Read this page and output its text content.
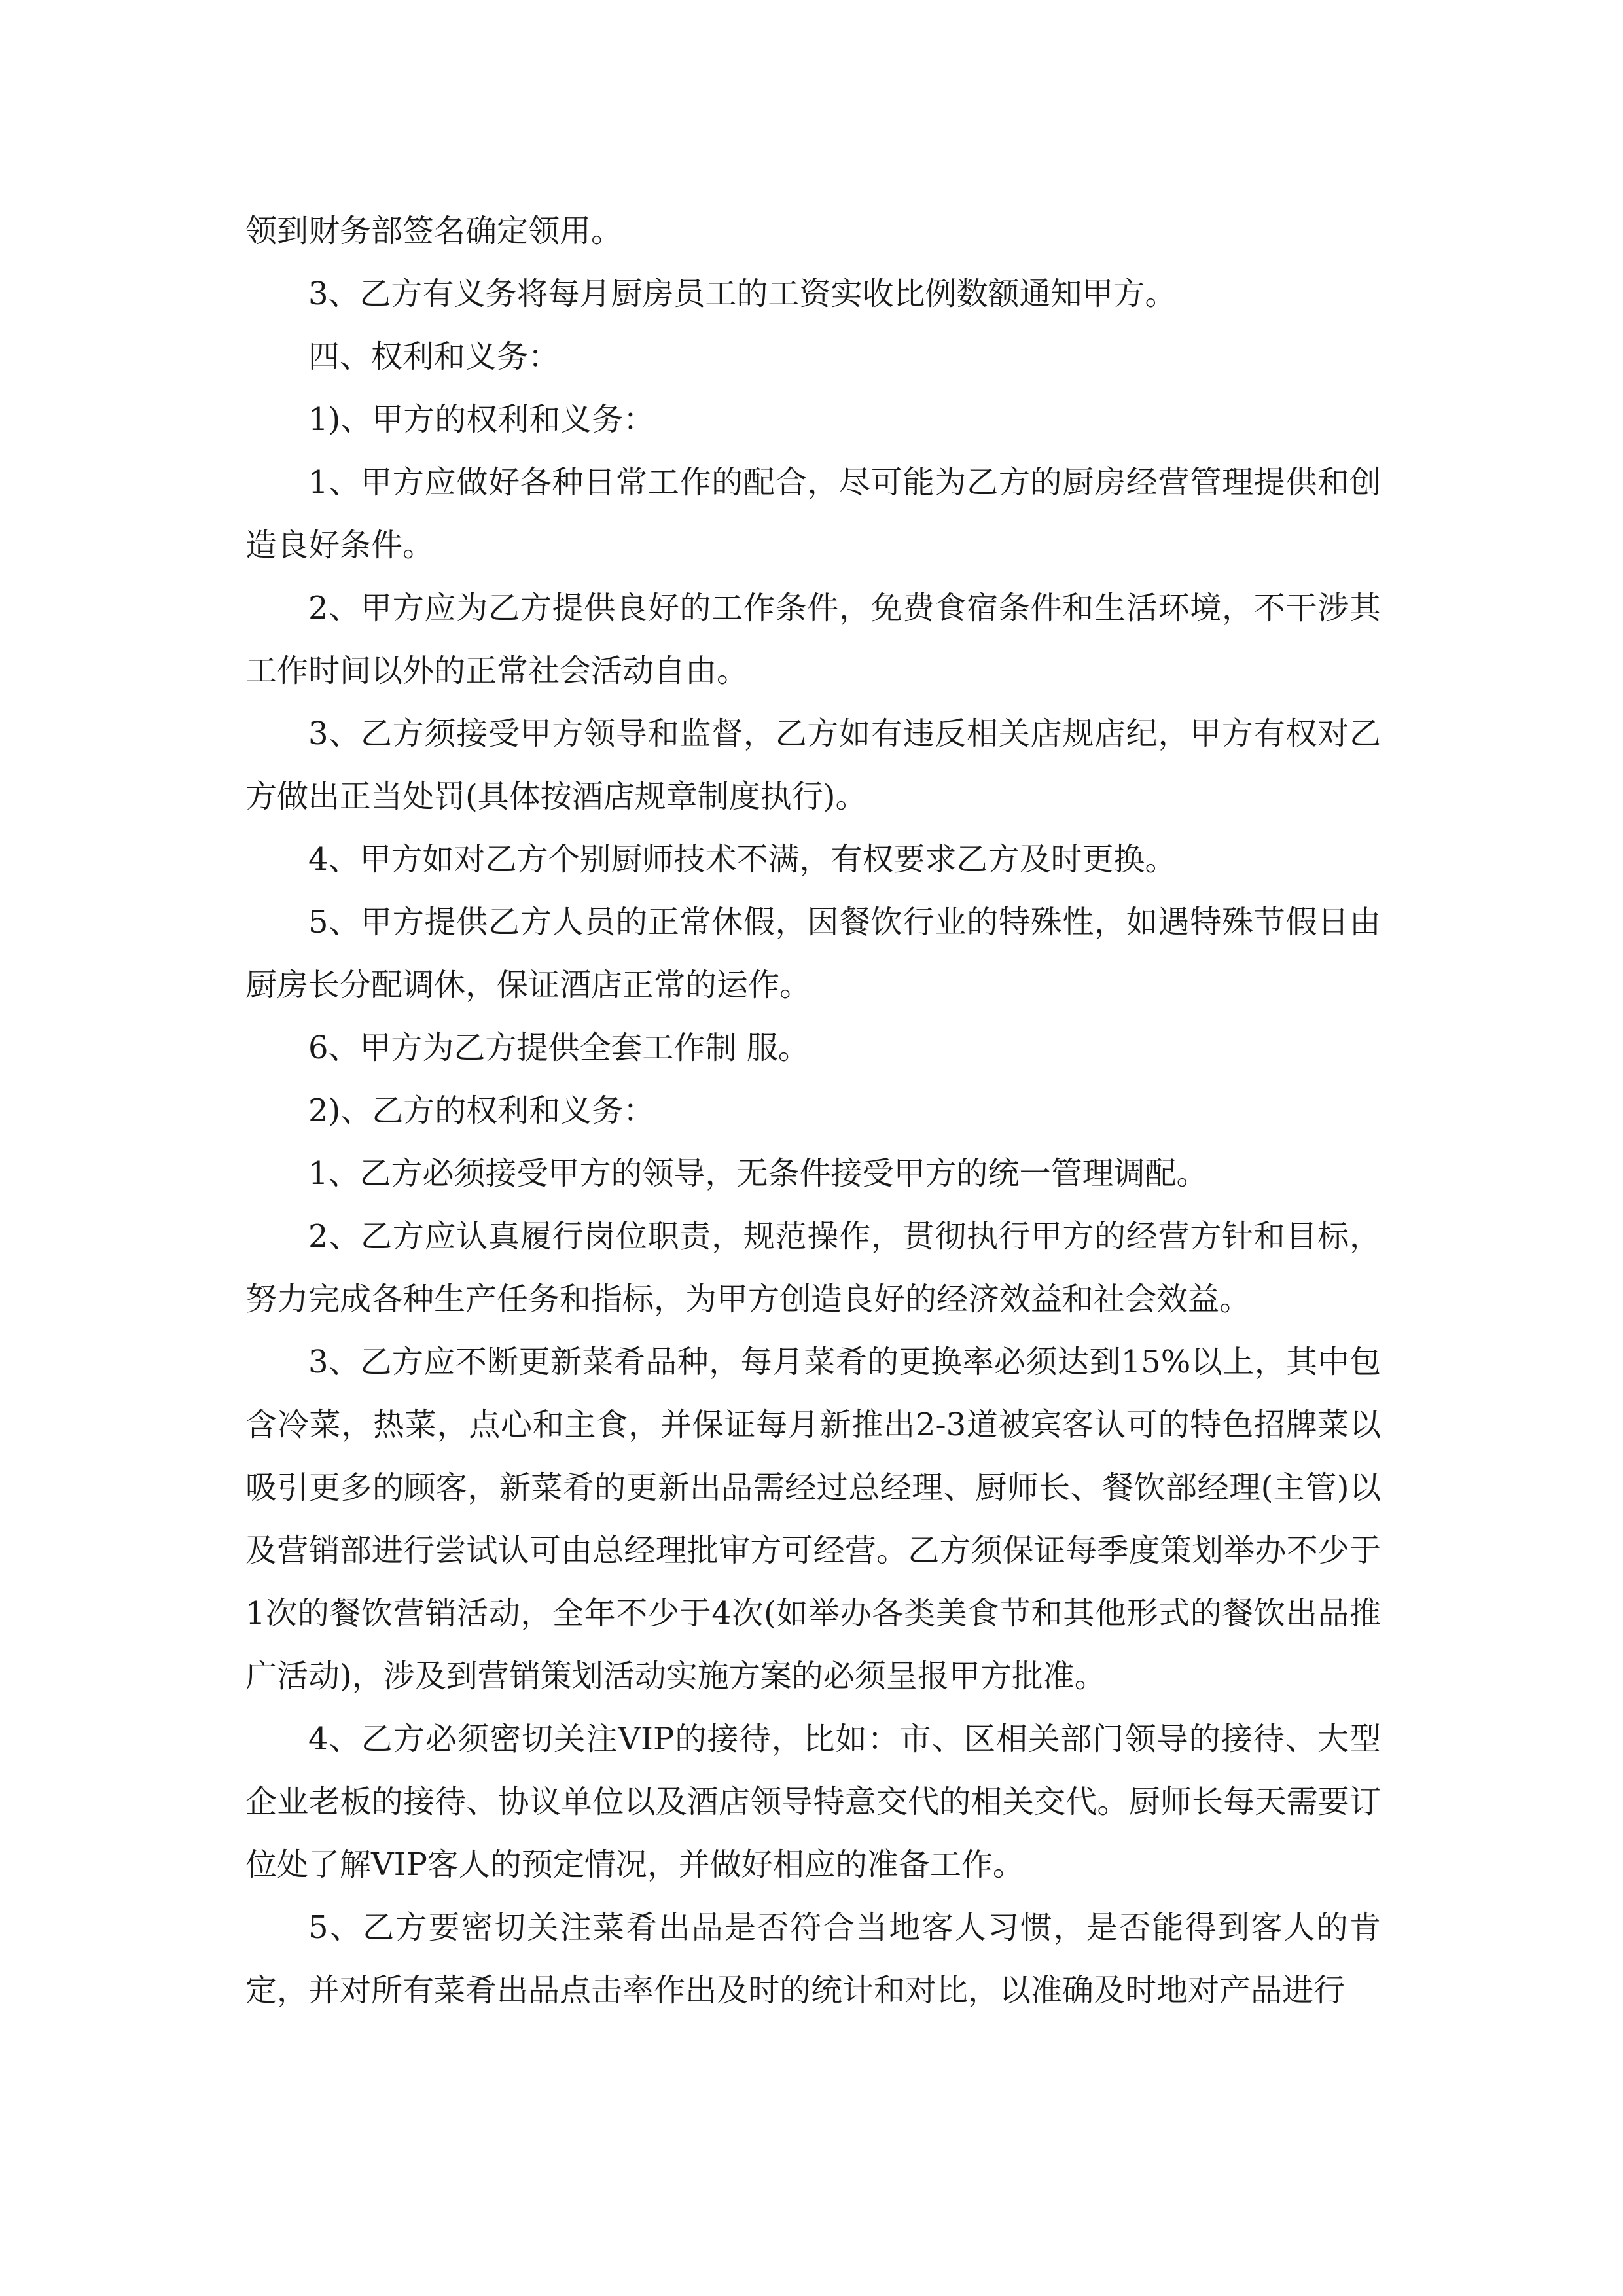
领到财务部签名确定领用。

3、乙方有义务将每月厨房员工的工资实收比例数额通知甲方。

四、权利和义务：

1)、甲方的权利和义务：

1、甲方应做好各种日常工作的配合，尽可能为乙方的厨房经营管理提供和创造良好条件。

2、甲方应为乙方提供良好的工作条件，免费食宿条件和生活环境，不干涉其工作时间以外的正常社会活动自由。

3、乙方须接受甲方领导和监督，乙方如有违反相关店规店纪，甲方有权对乙方做出正当处罚(具体按酒店规章制度执行)。

4、甲方如对乙方个别厨师技术不满，有权要求乙方及时更换。

5、甲方提供乙方人员的正常休假，因餐饮行业的特殊性，如遇特殊节假日由厨房长分配调休，保证酒店正常的运作。

6、甲方为乙方提供全套工作制 服。

2)、乙方的权利和义务：

1、乙方必须接受甲方的领导，无条件接受甲方的统一管理调配。

2、乙方应认真履行岗位职责，规范操作，贯彻执行甲方的经营方针和目标，努力完成各种生产任务和指标，为甲方创造良好的经济效益和社会效益。

3、乙方应不断更新菜肴品种，每月菜肴的更换率必须达到15%以上，其中包含冷菜，热菜，点心和主食，并保证每月新推出2-3道被宾客认可的特色招牌菜以吸引更多的顾客，新菜肴的更新出品需经过总经理、厨师长、餐饮部经理(主管)以及营销部进行尝试认可由总经理批审方可经营。乙方须保证每季度策划举办不少于1次的餐饮营销活动，全年不少于4次(如举办各类美食节和其他形式的餐饮出品推广活动)，涉及到营销策划活动实施方案的必须呈报甲方批准。

4、乙方必须密切关注VIP的接待，比如：市、区相关部门领导的接待、大型企业老板的接待、协议单位以及酒店领导特意交代的相关交代。厨师长每天需要订位处了解VIP客人的预定情况，并做好相应的准备工作。

5、乙方要密切关注菜肴出品是否符合当地客人习惯，是否能得到客人的肯定，并对所有菜肴出品点击率作出及时的统计和对比，以准确及时地对产品进行
